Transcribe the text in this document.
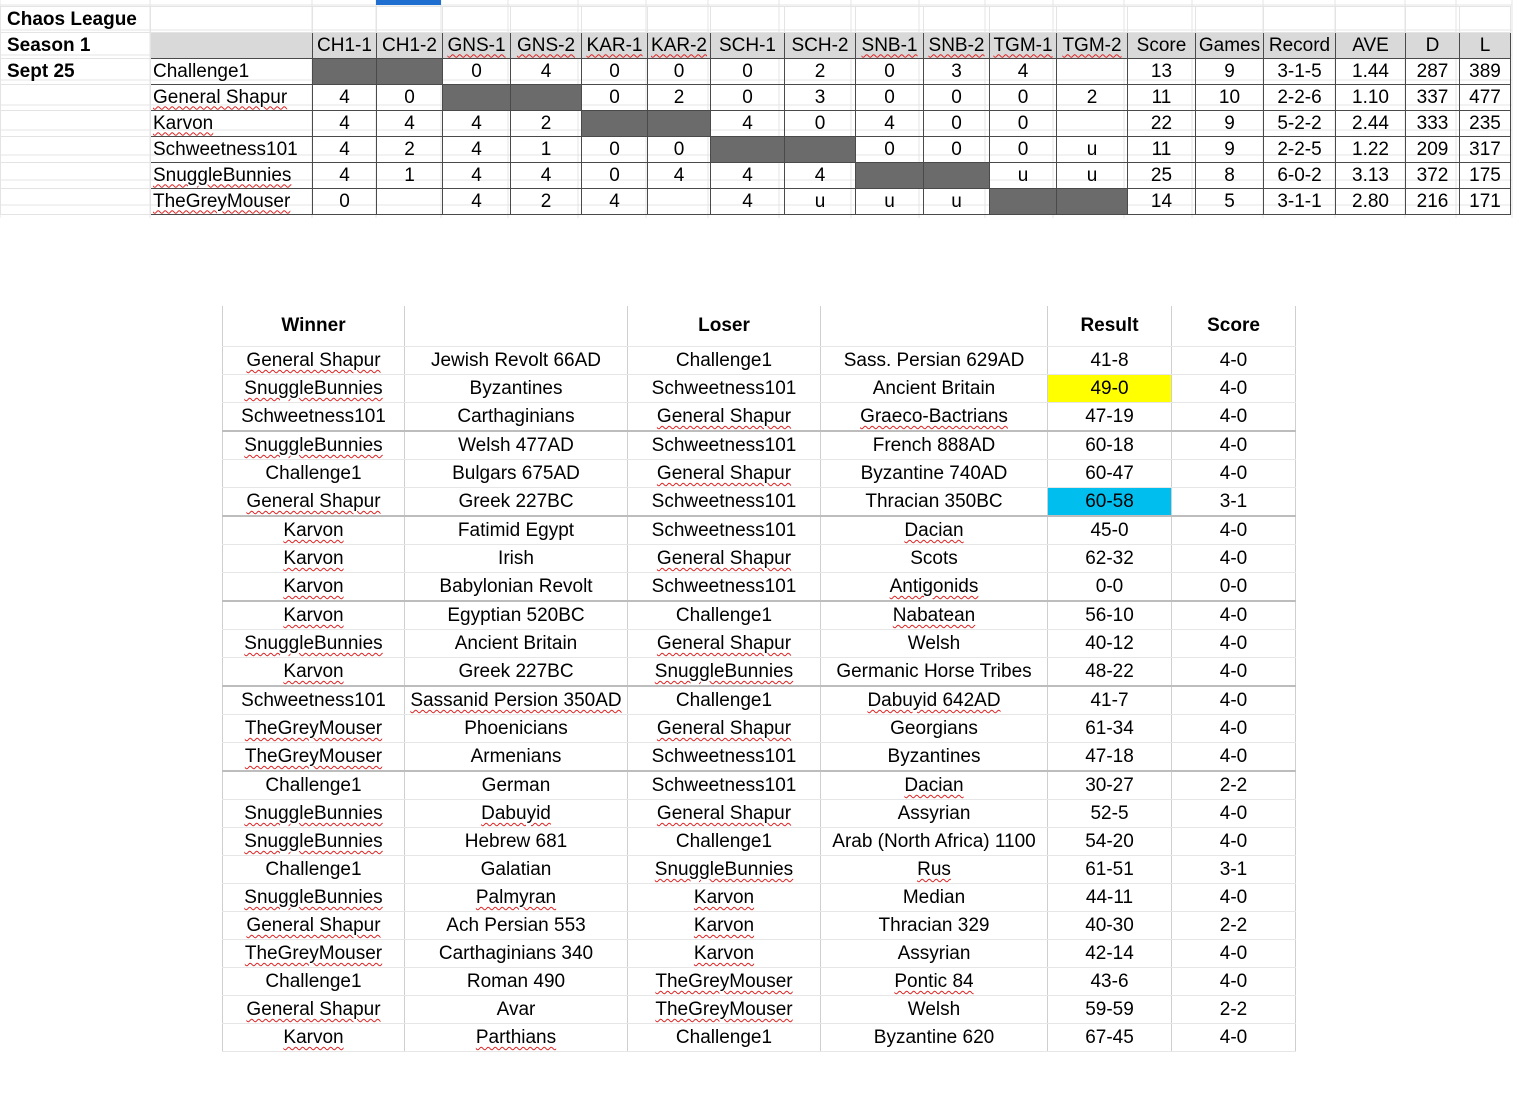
Chaos League																			
Season 1		CH1-1	CH1-2	GNS-1	GNS-2	KAR-1	KAR-2	SCH-1	SCH-2	SNB-1	SNB-2	TGM-1	TGM-2	Score	Games	Record	AVE	D	L
Sept 25	Challenge1			0	4	0	0	0	2	0	3	4		13	9	3-1-5	1.44	287	389
	General Shapur	4	0			0	2	0	3	0	0	0	2	11	10	2-2-6	1.10	337	477
	Karvon	4	4	4	2			4	0	4	0	0		22	9	5-2-2	2.44	333	235
	Schweetness101	4	2	4	1	0	0			0	0	0	u	11	9	2-2-5	1.22	209	317
	SnuggleBunnies	4	1	4	4	0	4	4	4			u	u	25	8	6-0-2	3.13	372	175
	TheGreyMouser	0		4	2	4		4	u	u	u			14	5	3-1-1	2.80	216	171
Winner		Loser		Result	Score
General Shapur	Jewish Revolt 66AD	Challenge1	Sass. Persian 629AD	41-8	4-0
SnuggleBunnies	Byzantines	Schweetness101	Ancient Britain	49-0	4-0
Schweetness101	Carthaginians	General Shapur	Graeco-Bactrians	47-19	4-0
SnuggleBunnies	Welsh 477AD	Schweetness101	French 888AD	60-18	4-0
Challenge1	Bulgars 675AD	General Shapur	Byzantine 740AD	60-47	4-0
General Shapur	Greek 227BC	Schweetness101	Thracian 350BC	60-58	3-1
Karvon	Fatimid Egypt	Schweetness101	Dacian	45-0	4-0
Karvon	Irish	General Shapur	Scots	62-32	4-0
Karvon	Babylonian Revolt	Schweetness101	Antigonids	0-0	0-0
Karvon	Egyptian 520BC	Challenge1	Nabatean	56-10	4-0
SnuggleBunnies	Ancient Britain	General Shapur	Welsh	40-12	4-0
Karvon	Greek 227BC	SnuggleBunnies	Germanic Horse Tribes	48-22	4-0
Schweetness101	Sassanid Persion 350AD	Challenge1	Dabuyid 642AD	41-7	4-0
TheGreyMouser	Phoenicians	General Shapur	Georgians	61-34	4-0
TheGreyMouser	Armenians	Schweetness101	Byzantines	47-18	4-0
Challenge1	German	Schweetness101	Dacian	30-27	2-2
SnuggleBunnies	Dabuyid	General Shapur	Assyrian	52-5	4-0
SnuggleBunnies	Hebrew 681	Challenge1	Arab (North Africa) 1100	54-20	4-0
Challenge1	Galatian	SnuggleBunnies	Rus	61-51	3-1
SnuggleBunnies	Palmyran	Karvon	Median	44-11	4-0
General Shapur	Ach Persian 553	Karvon	Thracian 329	40-30	2-2
TheGreyMouser	Carthaginians 340	Karvon	Assyrian	42-14	4-0
Challenge1	Roman 490	TheGreyMouser	Pontic 84	43-6	4-0
General Shapur	Avar	TheGreyMouser	Welsh	59-59	2-2
Karvon	Parthians	Challenge1	Byzantine 620	67-45	4-0
